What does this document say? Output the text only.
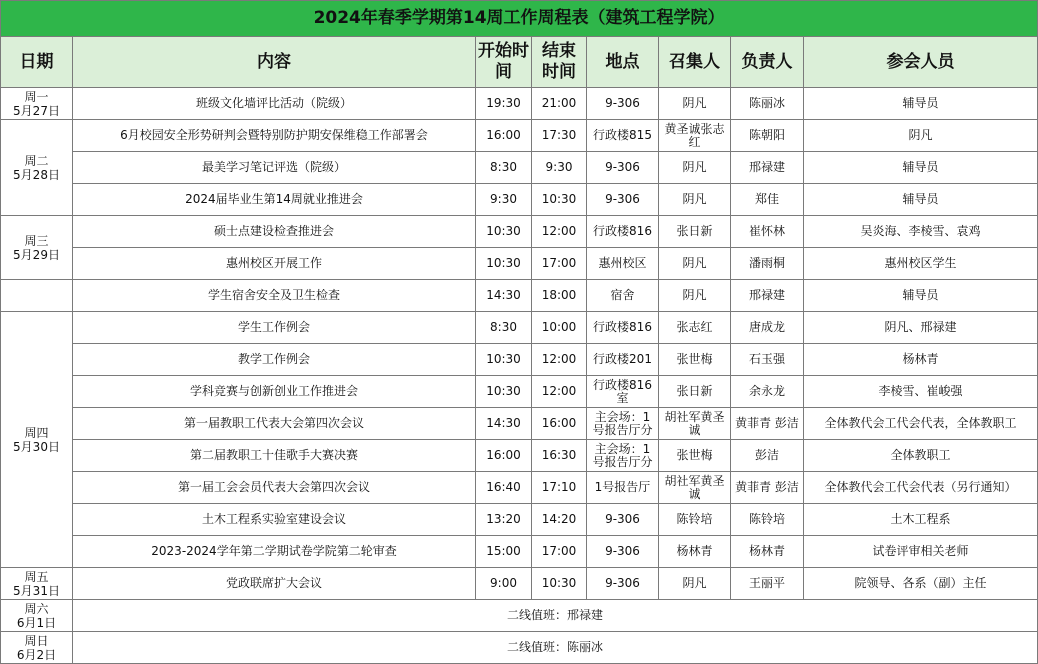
2024年春季学期第14周工作周程表（建筑工程学院）							
日期	内容	开始时间	结束时间	地点	召集人	负责人	参会人员
周一
5月27日	班级文化墙评比活动（院级）	19:30	21:00	9-306	阴凡	陈丽冰	辅导员
周二
5月28日	6月校园安全形势研判会暨特别防护期安保维稳工作部署会	16:00	17:30	行政楼815	黄圣诚张志红	陈朝阳	阴凡
	最美学习笔记评选（院级）	8:30	9:30	9-306	阴凡	邢禄建	辅导员
	2024届毕业生第14周就业推进会	9:30	10:30	9-306	阴凡	郑佳	辅导员
周三
5月29日	硕士点建设检查推进会	10:30	12:00	行政楼816	张日新	崔怀林	吴炎海、李棱雪、袁鸡
	惠州校区开展工作	10:30	17:00	惠州校区	阴凡	潘雨桐	惠州校区学生
	学生宿舍安全及卫生检查	14:30	18:00	宿舍	阴凡	邢禄建	辅导员
周四
5月30日	学生工作例会	8:30	10:00	行政楼816	张志红	唐成龙	阴凡、邢禄建
	教学工作例会	10:30	12:00	行政楼201	张世梅	石玉强	杨林青
	学科竞赛与创新创业工作推进会	10:30	12:00	行政楼816室	张日新	余永龙	李棱雪、崔峻强
	第一届教职工代表大会第四次会议	14:30	16:00	主会场：1号报告厅分	胡社军黄圣诚	黄菲青 彭洁	全体教代会工代会代表，全体教职工
	第二届教职工十佳歌手大赛决赛	16:00	16:30	主会场：1号报告厅分	张世梅	彭洁	全体教职工
	第一届工会会员代表大会第四次会议	16:40	17:10	1号报告厅	胡社军黄圣诚	黄菲青 彭洁	全体教代会工代会代表（另行通知）
	土木工程系实验室建设会议	13:20	14:20	9-306	陈铃培	陈铃培	土木工程系
	2023-2024学年第二学期试卷学院第二轮审查	15:00	17:00	9-306	杨林青	杨林青	试卷评审相关老师
周五
5月31日	党政联席扩大会议	9:00	10:30	9-306	阴凡	王丽平	院领导、各系（副）主任
周六
6月1日	二线值班：邢禄建						
周日
6月2日	二线值班：陈丽冰						
